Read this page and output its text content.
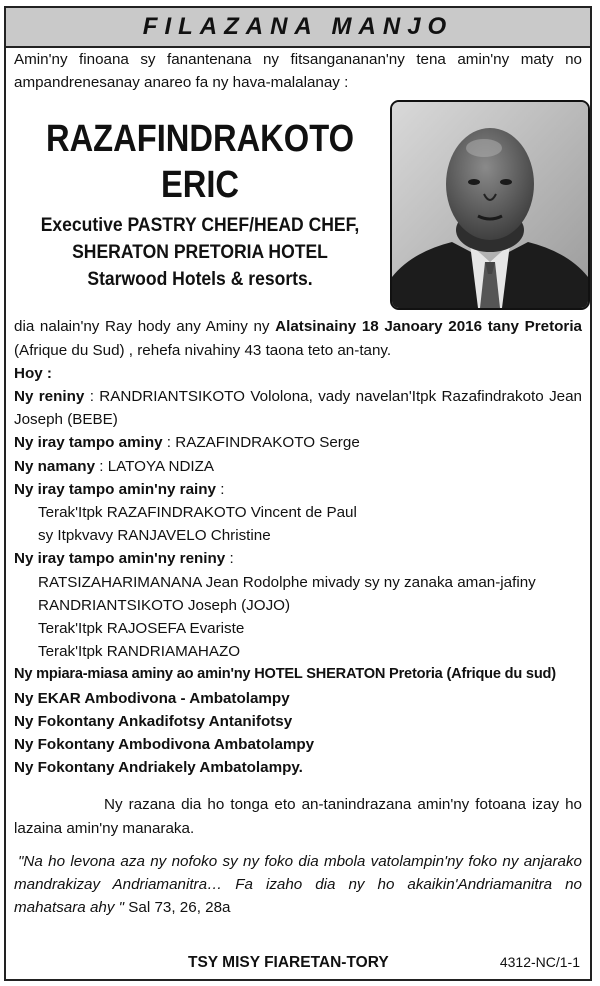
FILAZANA MANJO

Amin'ny finoana sy fanantenana ny fitsangananan'ny tena amin'ny maty no ampandrenesanay anareo fa ny hava-malalanay :

RAZAFINDRAKOTO
ERIC
Executive PASTRY CHEF/HEAD CHEF,
SHERATON PRETORIA HOTEL
Starwood Hotels & resorts.

dia nalain'ny Ray hody any Aminy ny Alatsinainy 18 Janoary 2016 tany Pretoria (Afrique du Sud) , rehefa nivahiny 43 taona teto an-tany.

Hoy :

Ny reniny : RANDRIANTSIKOTO Vololona, vady navelan'Itpk Razafindrakoto Jean Joseph (BEBE)

Ny iray tampo aminy : RAZAFINDRAKOTO Serge

Ny namany : LATOYA NDIZA

Ny iray tampo amin'ny rainy :

Terak'Itpk RAZAFINDRAKOTO Vincent de Paul

sy Itpkvavy RANJAVELO Christine

Ny iray tampo amin'ny reniny :

RATSIZAHARIMANANA Jean Rodolphe mivady sy ny zanaka aman-jafiny

RANDRIANTSIKOTO Joseph (JOJO)

Terak'Itpk RAJOSEFA Evariste

Terak'Itpk RANDRIAMAHAZO

Ny mpiara-miasa aminy ao amin'ny HOTEL SHERATON Pretoria (Afrique du sud)

Ny EKAR Ambodivona - Ambatolampy

Ny Fokontany Ankadifotsy Antanifotsy

Ny Fokontany Ambodivona Ambatolampy

Ny Fokontany Andriakely Ambatolampy.

Ny razana dia ho tonga eto an-tanindrazana amin'ny fotoana izay ho lazaina amin'ny manaraka.

"Na ho levona aza ny nofoko sy ny foko dia mbola vatolampin'ny foko ny anjarako mandrakizay Andriamanitra… Fa izaho dia ny ho akaikin'Andriamanitra no mahatsara ahy " Sal 73, 26, 28a

TSY MISY FIARETAN-TORY	4312-NC/1-1
